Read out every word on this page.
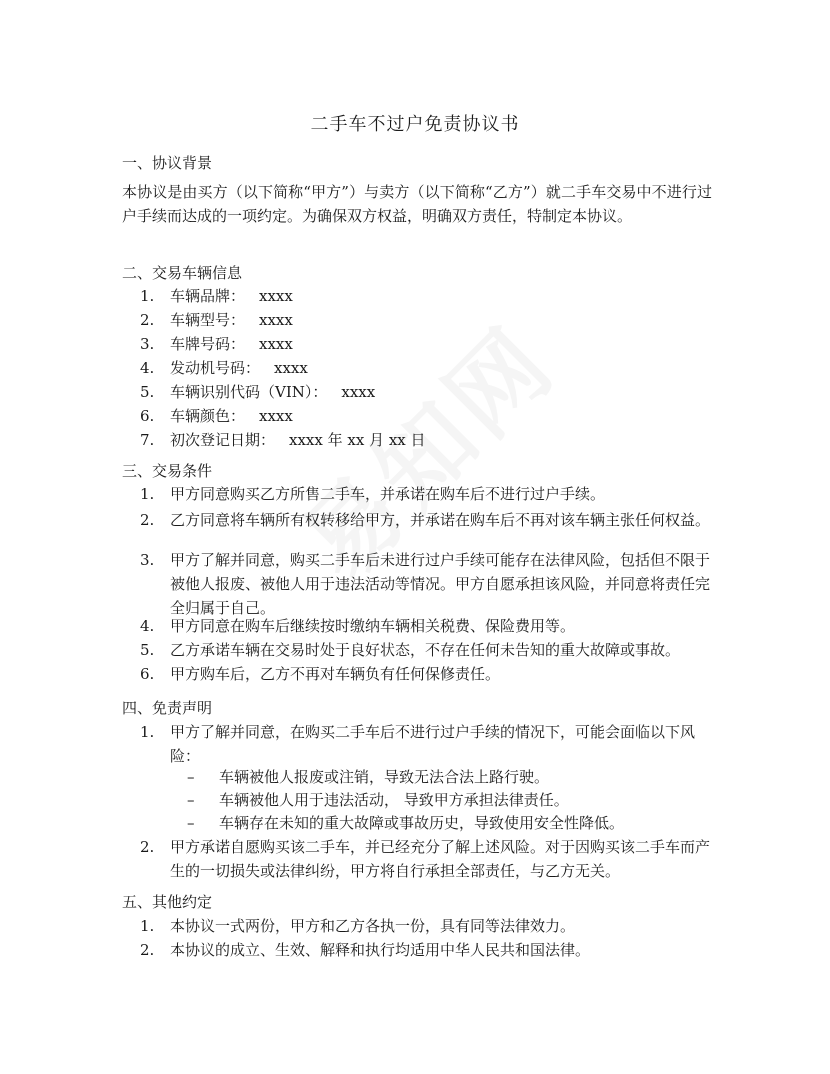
二手车不过户免责协议书
一、协议背景
本协议是由买方（以下简称“甲方”）与卖方（以下简称“乙方”）就二手车交易中不进行过户手续而达成的一项约定。为确保双方权益，明确双方责任，特制定本协议。
二、交易车辆信息
1. 车辆品牌： xxxx
2. 车辆型号： xxxx
3. 车牌号码： xxxx
4. 发动机号码： xxxx
5. 车辆识别代码（VIN）： xxxx
6. 车辆颜色： xxxx
7. 初次登记日期： xxxx 年 xx 月 xx 日
三、交易条件
1. 甲方同意购买乙方所售二手车，并承诺在购车后不进行过户手续。
2. 乙方同意将车辆所有权转移给甲方，并承诺在购车后不再对该车辆主张任何权益。
3. 甲方了解并同意，购买二手车后未进行过户手续可能存在法律风险，包括但不限于被他人报废、被他人用于违法活动等情况。甲方自愿承担该风险，并同意将责任完全归属于自己。
4. 甲方同意在购车后继续按时缴纳车辆相关税费、保险费用等。
5. 乙方承诺车辆在交易时处于良好状态，不存在任何未告知的重大故障或事故。
6. 甲方购车后，乙方不再对车辆负有任何保修责任。
四、免责声明
1. 甲方了解并同意，在购买二手车后不进行过户手续的情况下，可能会面临以下风险：
– 车辆被他人报废或注销，导致无法合法上路行驶。
– 车辆被他人用于违法活动， 导致甲方承担法律责任。
– 车辆存在未知的重大故障或事故历史，导致使用安全性降低。
2. 甲方承诺自愿购买该二手车，并已经充分了解上述风险。对于因购买该二手车而产生的一切损失或法律纠纷，甲方将自行承担全部责任，与乙方无关。
五、其他约定
1. 本协议一式两份，甲方和乙方各执一份，具有同等法律效力。
2. 本协议的成立、生效、解释和执行均适用中华人民共和国法律。
